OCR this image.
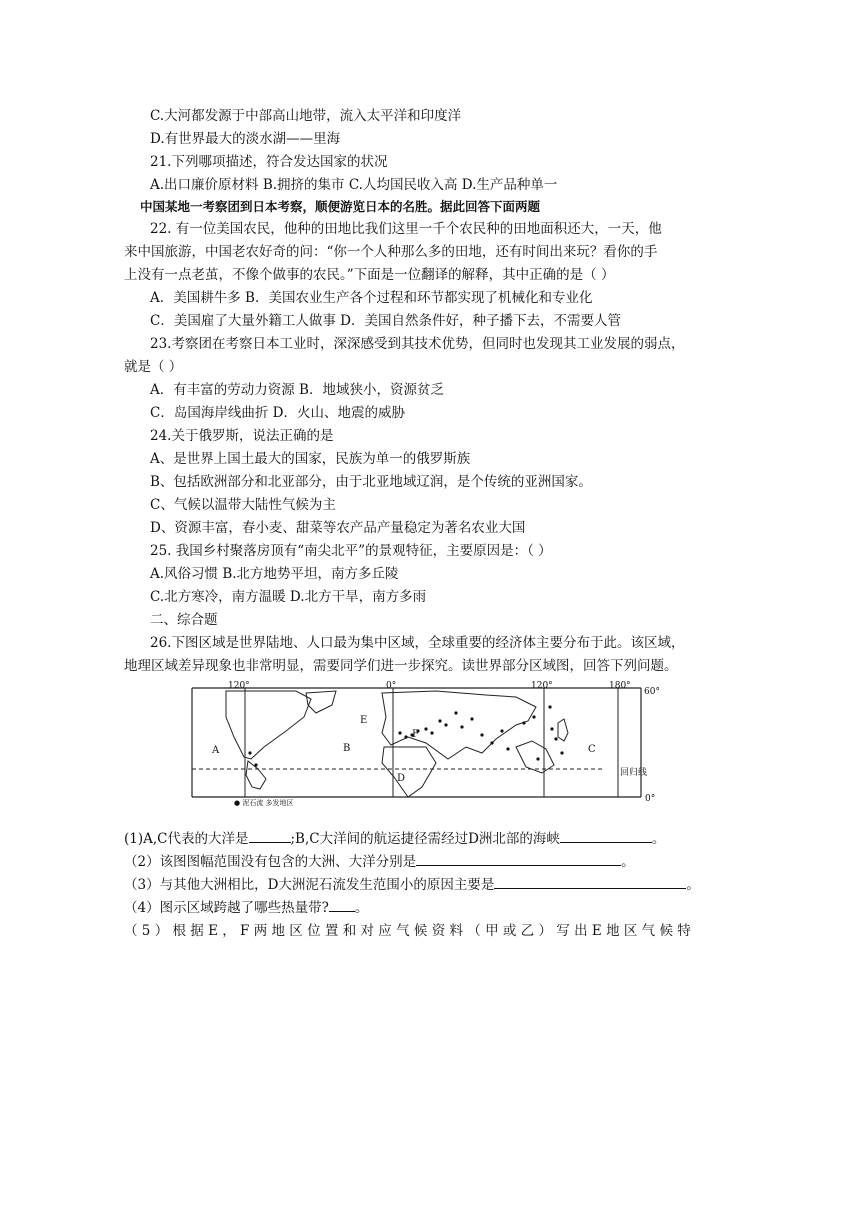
C.大河都发源于中部高山地带，流入太平洋和印度洋
D.有世界最大的淡水湖——里海
21.下列哪项描述，符合发达国家的状况
A.出口廉价原材料 B.拥挤的集市 C.人均国民收入高 D.生产品种单一
中国某地一考察团到日本考察，顺便游览日本的名胜。据此回答下面两题
22. 有一位美国农民，他种的田地比我们这里一千个农民种的田地面积还大，一天，他
来中国旅游，中国老农好奇的问：“你一个人种那么多的田地，还有时间出来玩？看你的手
上没有一点老茧，不像个做事的农民。”下面是一位翻译的解释，其中正确的是（ ）
A．美国耕牛多 B．美国农业生产各个过程和环节都实现了机械化和专业化
C．美国雇了大量外籍工人做事 D．美国自然条件好，种子播下去，不需要人管
23.考察团在考察日本工业时，深深感受到其技术优势，但同时也发现其工业发展的弱点，
就是（ ）
A．有丰富的劳动力资源 B．地域狭小，资源贫乏
C．岛国海岸线曲折 D．火山、地震的威胁
24.关于俄罗斯，说法正确的是
A、是世界上国土最大的国家，民族为单一的俄罗斯族
B、包括欧洲部分和北亚部分，由于北亚地域辽润，是个传统的亚洲国家。
C、气候以温带大陆性气候为主
D、资源丰富，春小麦、甜菜等农产品产量稳定为著名农业大国
25. 我国乡村聚落房顶有“南尖北平”的景观特征，主要原因是：（ ）
A.风俗习惯 B.北方地势平坦，南方多丘陵
C.北方寒冷，南方温暖 D.北方干旱，南方多雨
二、综合题
26.下图区域是世界陆地、人口最为集中区域，全球重要的经济体主要分布于此。该区域，
地理区域差异现象也非常明显，需要同学们进一步探究。读世界部分区域图，回答下列问题。
120°	0°	120°	180°
60°
0°
回归线
A	B	C
D
E
F
● 泥石流 多发地区
(1)A,C代表的大洋是	;B,C大洋间的航运捷径需经过D洲北部的海峡	。
（2）该图图幅范围没有包含的大洲、大洋分别是	。
（3）与其他大洲相比，D大洲泥石流发生范围小的原因主要是	。
（4）图示区域跨越了哪些热量带? 。
（5）根据E，F两地区位置和对应气候资料（甲或乙）写出E地区气候特
